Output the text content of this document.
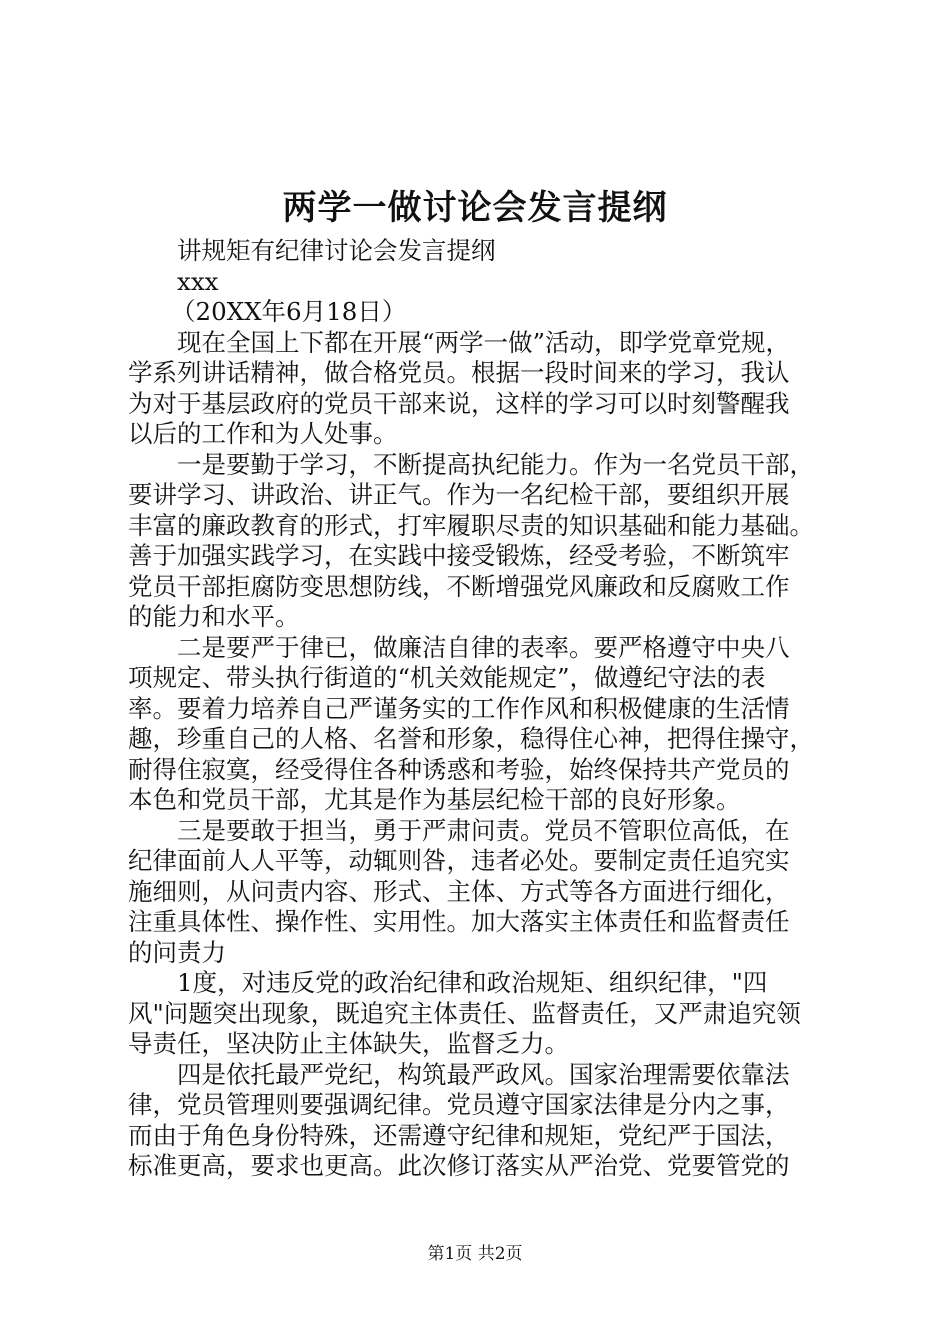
两学一做讨论会发言提纲
讲规矩有纪律讨论会发言提纲
xxx
（20XX年6月18日）
现在全国上下都在开展“两学一做”活动，即学党章党规，
学系列讲话精神，做合格党员。根据一段时间来的学习，我认
为对于基层政府的党员干部来说，这样的学习可以时刻警醒我
以后的工作和为人处事。
一是要勤于学习，不断提高执纪能力。作为一名党员干部，
要讲学习、讲政治、讲正气。作为一名纪检干部，要组织开展
丰富的廉政教育的形式，打牢履职尽责的知识基础和能力基础。
善于加强实践学习，在实践中接受锻炼，经受考验，不断筑牢
党员干部拒腐防变思想防线，不断增强党风廉政和反腐败工作
的能力和水平。
二是要严于律已，做廉洁自律的表率。要严格遵守中央八
项规定、带头执行街道的“机关效能规定”，做遵纪守法的表
率。要着力培养自己严谨务实的工作作风和积极健康的生活情
趣，珍重自己的人格、名誉和形象，稳得住心神，把得住操守，
耐得住寂寞，经受得住各种诱惑和考验，始终保持共产党员的
本色和党员干部，尤其是作为基层纪检干部的良好形象。
三是要敢于担当，勇于严肃问责。党员不管职位高低，在
纪律面前人人平等，动辄则咎，违者必处。要制定责任追究实
施细则，从问责内容、形式、主体、方式等各方面进行细化，
注重具体性、操作性、实用性。加大落实主体责任和监督责任
的问责力
1度，对违反党的政治纪律和政治规矩、组织纪律，"四
风"问题突出现象，既追究主体责任、监督责任，又严肃追究领
导责任，坚决防止主体缺失，监督乏力。
四是依托最严党纪，构筑最严政风。国家治理需要依靠法
律，党员管理则要强调纪律。党员遵守国家法律是分内之事，
而由于角色身份特殊，还需遵守纪律和规矩，党纪严于国法，
标准更高，要求也更高。此次修订落实从严治党、党要管党的
第1页 共2页
